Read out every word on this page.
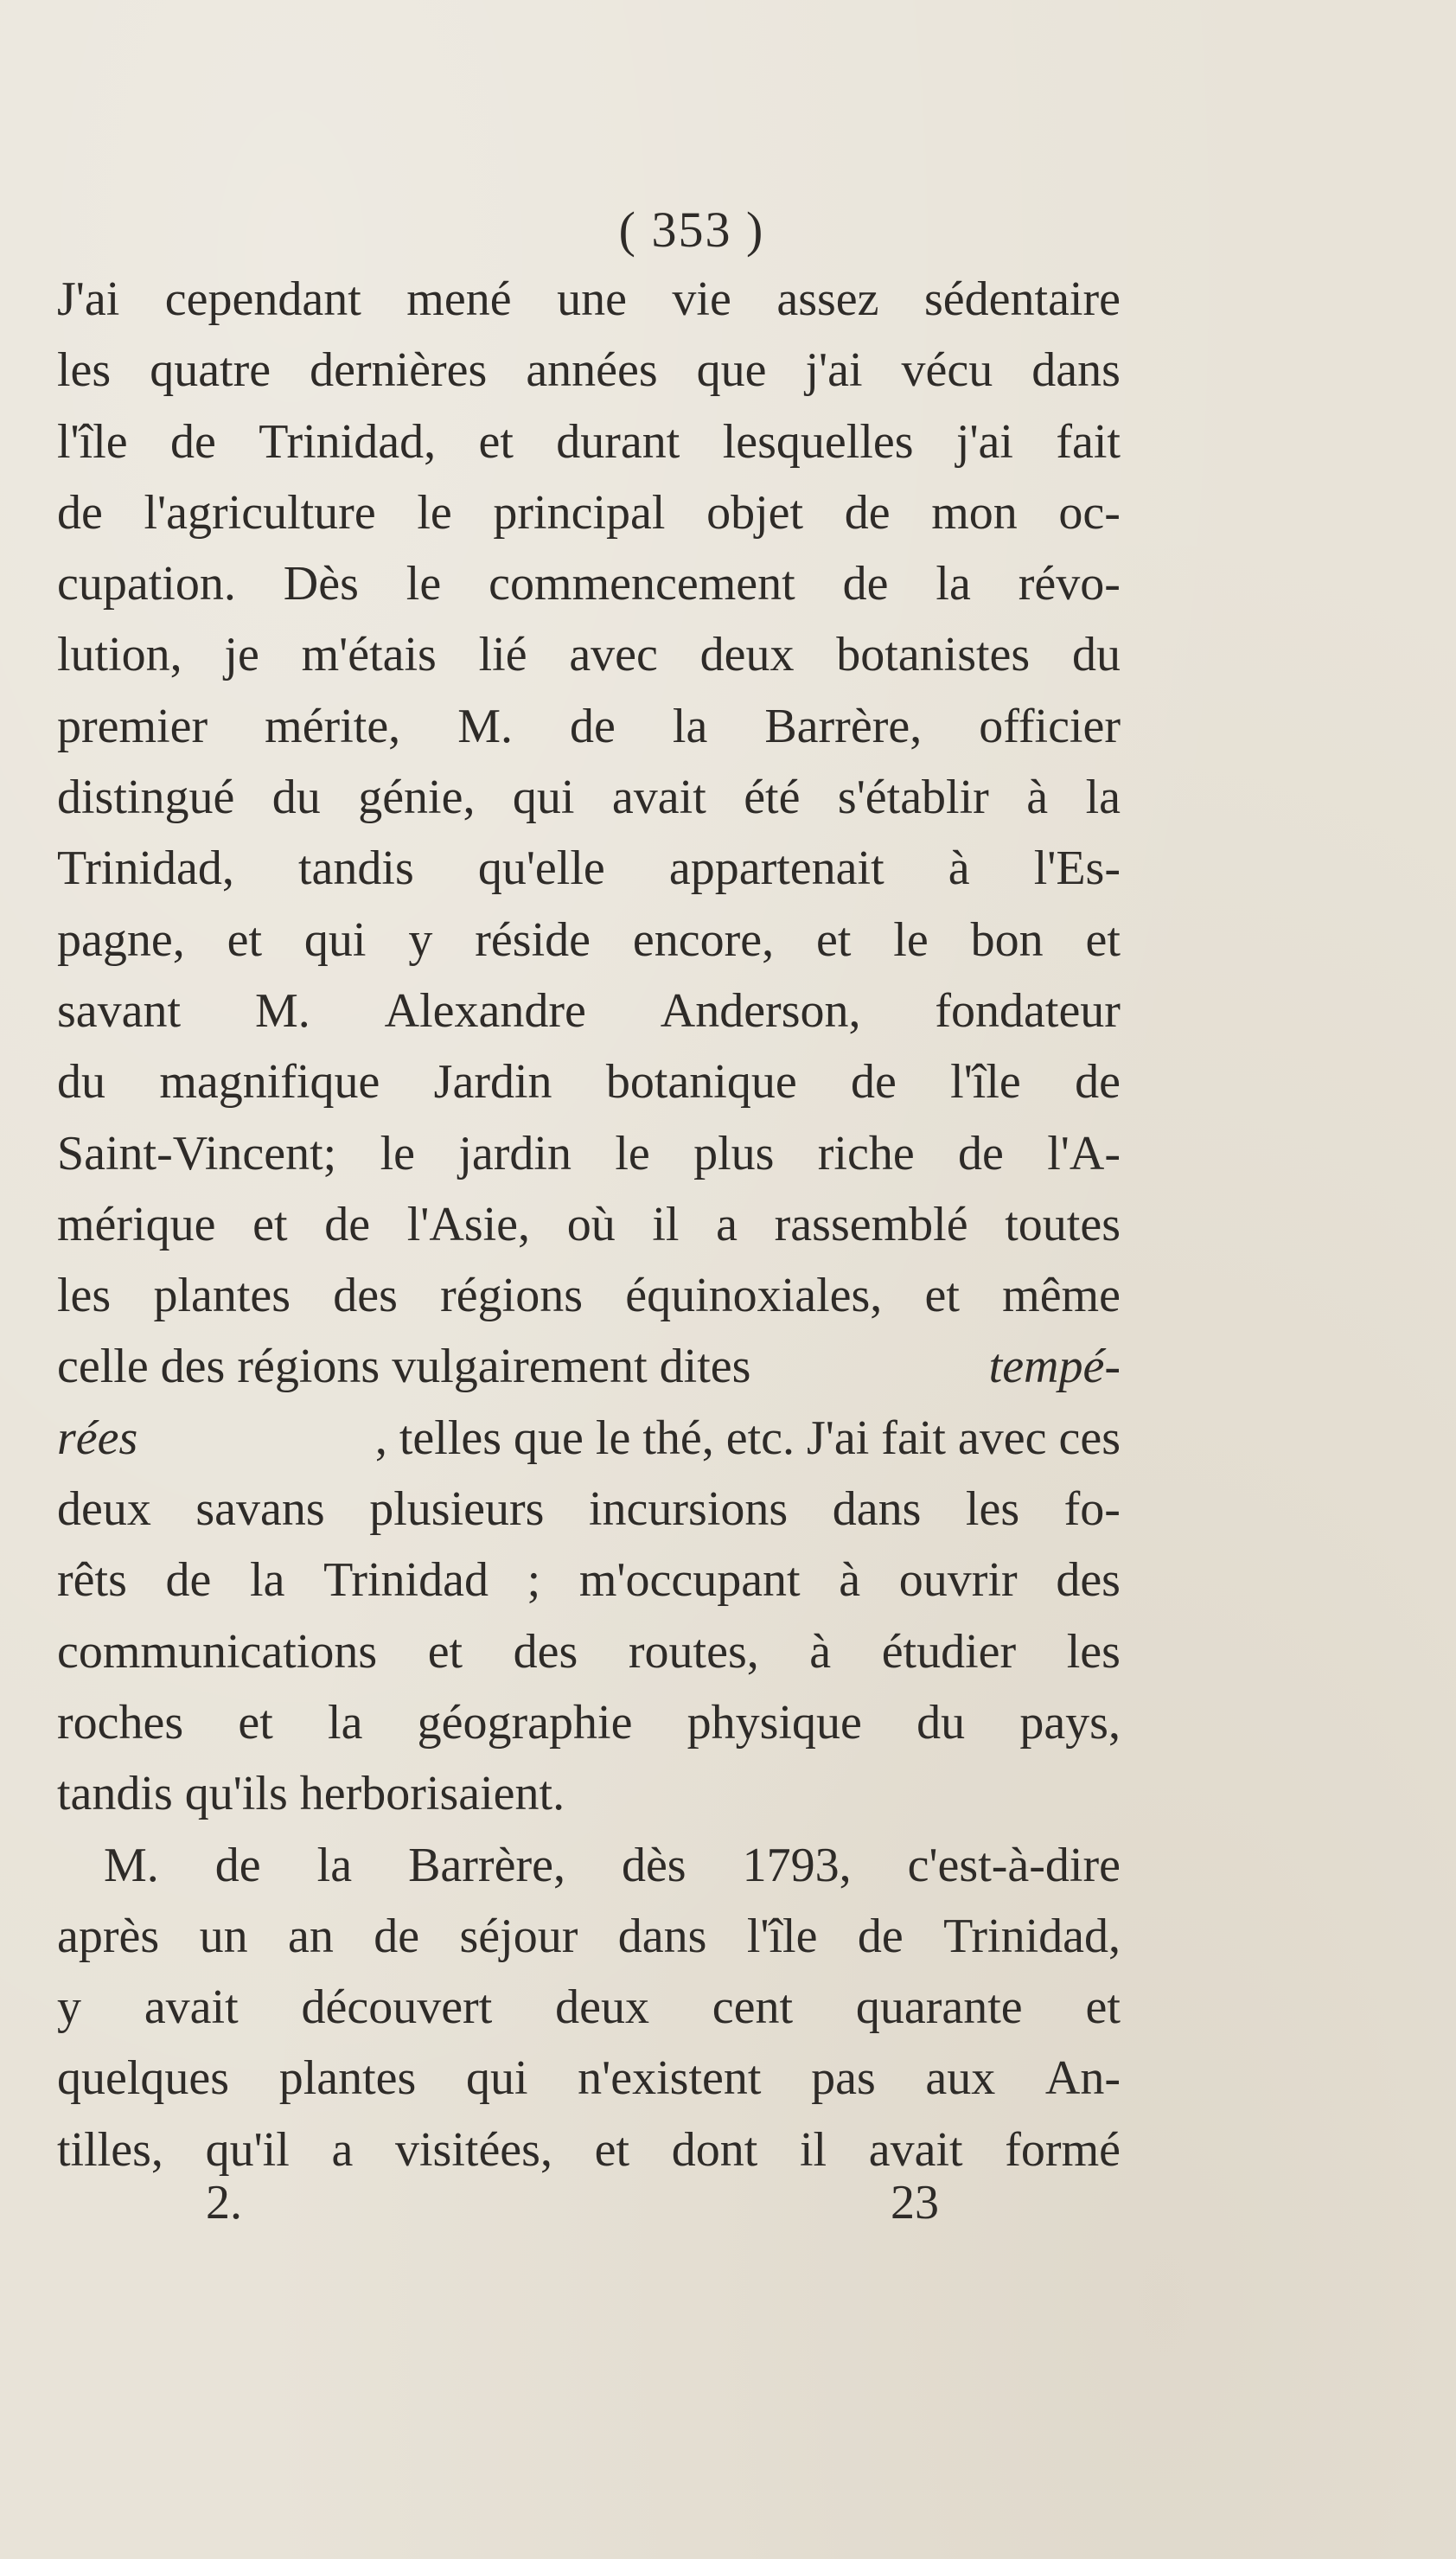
( 353 )
J'ai cependant mené une vie assez sédentaire
les quatre dernières années que j'ai vécu dans
l'île de Trinidad, et durant lesquelles j'ai fait
de l'agriculture le principal objet de mon oc-
cupation. Dès le commencement de la révo-
lution, je m'étais lié avec deux botanistes du
premier mérite, M. de la Barrère, officier
distingué du génie, qui avait été s'établir à la
Trinidad, tandis qu'elle appartenait à l'Es-
pagne, et qui y réside encore, et le bon et
savant M. Alexandre Anderson, fondateur
du magnifique Jardin botanique de l'île de
Saint-Vincent; le jardin le plus riche de l'A-
mérique et de l'Asie, où il a rassemblé toutes
les plantes des régions équinoxiales, et même
celle des régions vulgairement dites	tempé-
rées	, telles que le thé, etc. J'ai fait avec ces
deux savans plusieurs incursions dans les fo-
rêts de la Trinidad ; m'occupant à ouvrir des
communications et des routes, à étudier les
roches et la géographie physique du pays,
tandis qu'ils herborisaient.
M. de la Barrère, dès 1793, c'est-à-dire
après un an de séjour dans l'île de Trinidad,
y avait découvert deux cent quarante et
quelques plantes qui n'existent pas aux An-
tilles, qu'il a visitées, et dont il avait formé
2.	23
